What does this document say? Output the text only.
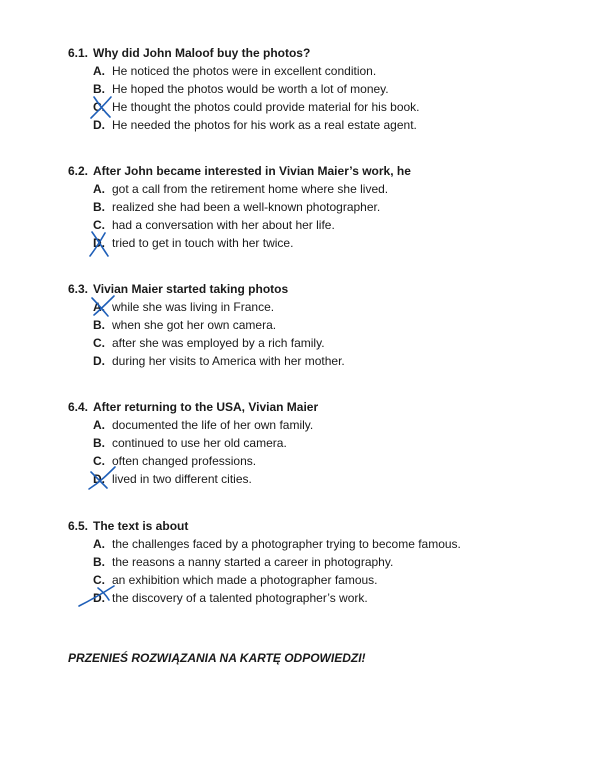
6.1. Why did John Maloof buy the photos?
A. He noticed the photos were in excellent condition.
B. He hoped the photos would be worth a lot of money.
C. He thought the photos could provide material for his book.
D. He needed the photos for his work as a real estate agent.
6.2. After John became interested in Vivian Maier’s work, he
A. got a call from the retirement home where she lived.
B. realized she had been a well-known photographer.
C. had a conversation with her about her life.
D. tried to get in touch with her twice.
6.3. Vivian Maier started taking photos
A. while she was living in France.
B. when she got her own camera.
C. after she was employed by a rich family.
D. during her visits to America with her mother.
6.4. After returning to the USA, Vivian Maier
A. documented the life of her own family.
B. continued to use her old camera.
C. often changed professions.
D. lived in two different cities.
6.5. The text is about
A. the challenges faced by a photographer trying to become famous.
B. the reasons a nanny started a career in photography.
C. an exhibition which made a photographer famous.
D. the discovery of a talented photographer’s work.
PRZENIEŚ ROZWIĄZANIA NA KARTĘ ODPOWIEDZI!
